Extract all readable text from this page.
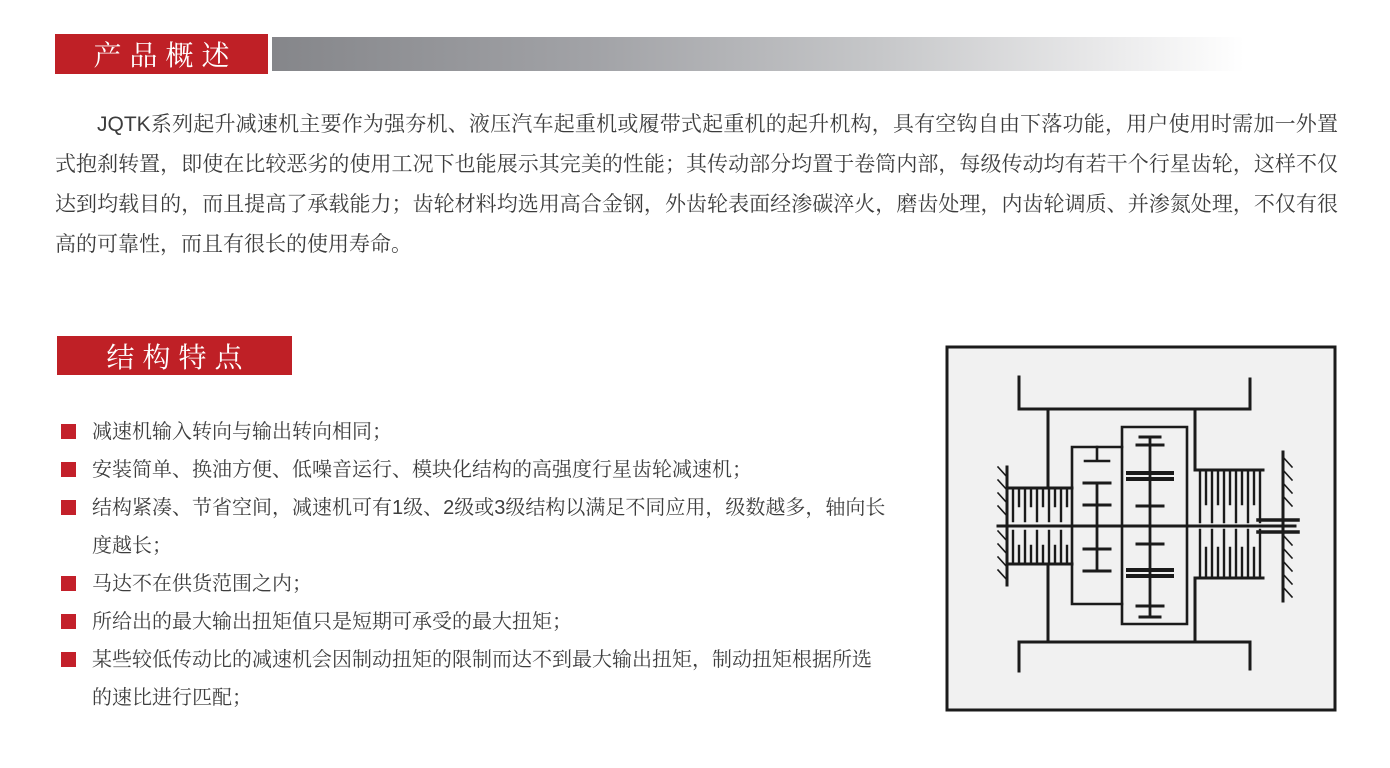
产品概述

JQTK系列起升减速机主要作为强夯机、液压汽车起重机或履带式起重机的起升机构，具有空钩自由下落功能，用户使用时需加一外置式抱刹转置，即使在比较恶劣的使用工况下也能展示其完美的性能；其传动部分均置于卷筒内部，每级传动均有若干个行星齿轮，这样不仅达到均载目的，而且提高了承载能力；齿轮材料均选用高合金钢，外齿轮表面经渗碳淬火，磨齿处理，内齿轮调质、并渗氮处理，不仅有很高的可靠性，而且有很长的使用寿命。

结构特点
减速机输入转向与输出转向相同；
安装简单、换油方便、低噪音运行、模块化结构的高强度行星齿轮减速机；
结构紧凑、节省空间，减速机可有1级、2级或3级结构以满足不同应用，级数越多，轴向长度越长；
马达不在供货范围之内；
所给出的最大输出扭矩值只是短期可承受的最大扭矩；
某些较低传动比的减速机会因制动扭矩的限制而达不到最大输出扭矩，制动扭矩根据所选的速比进行匹配；
